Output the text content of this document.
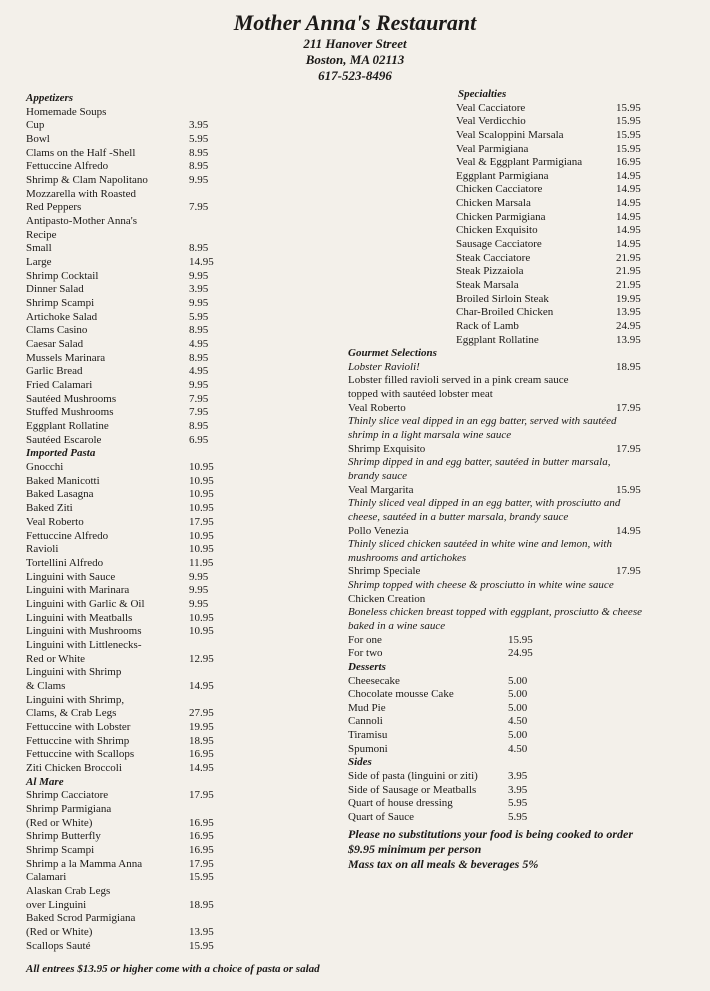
Mother Anna's Restaurant
211 Hanover Street
Boston, MA 02113
617-523-8496
Appetizers
Homemade Soups
Cup	3.95
Bowl	5.95
Clams on the Half -Shell	8.95
Fettuccine Alfredo	8.95
Shrimp & Clam Napolitano	9.95
Mozzarella with Roasted
Red Peppers	7.95
Antipasto-Mother Anna's
Recipe
Small	8.95
Large	14.95
Shrimp Cocktail	9.95
Dinner Salad	3.95
Shrimp Scampi	9.95
Artichoke Salad	5.95
Clams Casino	8.95
Caesar Salad	4.95
Mussels Marinara	8.95
Garlic Bread	4.95
Fried Calamari	9.95
Sautéed Mushrooms	7.95
Stuffed Mushrooms	7.95
Eggplant Rollatine	8.95
Sautéed Escarole	6.95
Imported Pasta
Gnocchi	10.95
Baked Manicotti	10.95
Baked Lasagna	10.95
Baked Ziti	10.95
Veal Roberto	17.95
Fettuccine Alfredo	10.95
Ravioli	10.95
Tortellini Alfredo	11.95
Linguini with Sauce	9.95
Linguini with Marinara	9.95
Linguini with Garlic & Oil	9.95
Linguini with Meatballs	10.95
Linguini with Mushrooms	10.95
Linguini with Littlenecks-
Red or White	12.95
Linguini with Shrimp
& Clams	14.95
Linguini with Shrimp,
Clams, & Crab Legs	27.95
Fettuccine with Lobster	19.95
Fettuccine with Shrimp	18.95
Fettuccine with Scallops	16.95
Ziti Chicken Broccoli	14.95
Al Mare
Shrimp Cacciatore	17.95
Shrimp Parmigiana
(Red or White)	16.95
Shrimp Butterfly	16.95
Shrimp Scampi	16.95
Shrimp a la Mamma Anna	17.95
Calamari	15.95
Alaskan Crab Legs
over Linguini	18.95
Baked Scrod Parmigiana
(Red or White)	13.95
Scallops Sauté	15.95
Specialties
Veal Cacciatore	15.95
Veal Verdicchio	15.95
Veal Scaloppini Marsala	15.95
Veal Parmigiana	15.95
Veal & Eggplant Parmigiana	16.95
Eggplant Parmigiana	14.95
Chicken Cacciatore	14.95
Chicken Marsala	14.95
Chicken Parmigiana	14.95
Chicken Exquisito	14.95
Sausage Cacciatore	14.95
Steak Cacciatore	21.95
Steak Pizzaiola	21.95
Steak Marsala	21.95
Broiled Sirloin Steak	19.95
Char-Broiled Chicken	13.95
Rack of Lamb	24.95
Eggplant Rollatine	13.95
Gourmet Selections
Lobster Ravioli!	18.95
Lobster filled ravioli served in a pink cream sauce
topped with sautéed lobster meat
Veal Roberto	17.95
Thinly slice veal dipped in an egg batter, served with sautéed
shrimp in a light marsala wine sauce
Shrimp Exquisito	17.95
Shrimp dipped in and egg batter, sautéed in butter marsala,
brandy sauce
Veal Margarita	15.95
Thinly sliced veal dipped in an egg batter, with prosciutto and
cheese, sautéed in a butter marsala, brandy sauce
Pollo Venezia	14.95
Thinly sliced chicken sautéed in white wine and lemon, with
mushrooms and artichokes
Shrimp Speciale	17.95
Shrimp topped with cheese & prosciutto in white wine sauce
Chicken Creation
Boneless chicken breast topped with eggplant, prosciutto & cheese
baked in a wine sauce
For one	15.95
For two	24.95
Desserts
Cheesecake	5.00
Chocolate mousse Cake	5.00
Mud Pie	5.00
Cannoli	4.50
Tiramisu	5.00
Spumoni	4.50
Sides
Side of pasta (linguini or ziti)	3.95
Side of Sausage or Meatballs	3.95
Quart of house dressing	5.95
Quart of Sauce	5.95
Please no substitutions your food is being cooked to order
$9.95 minimum per person
Mass tax on all meals & beverages 5%
All entrees $13.95 or higher come with a choice of pasta or salad
